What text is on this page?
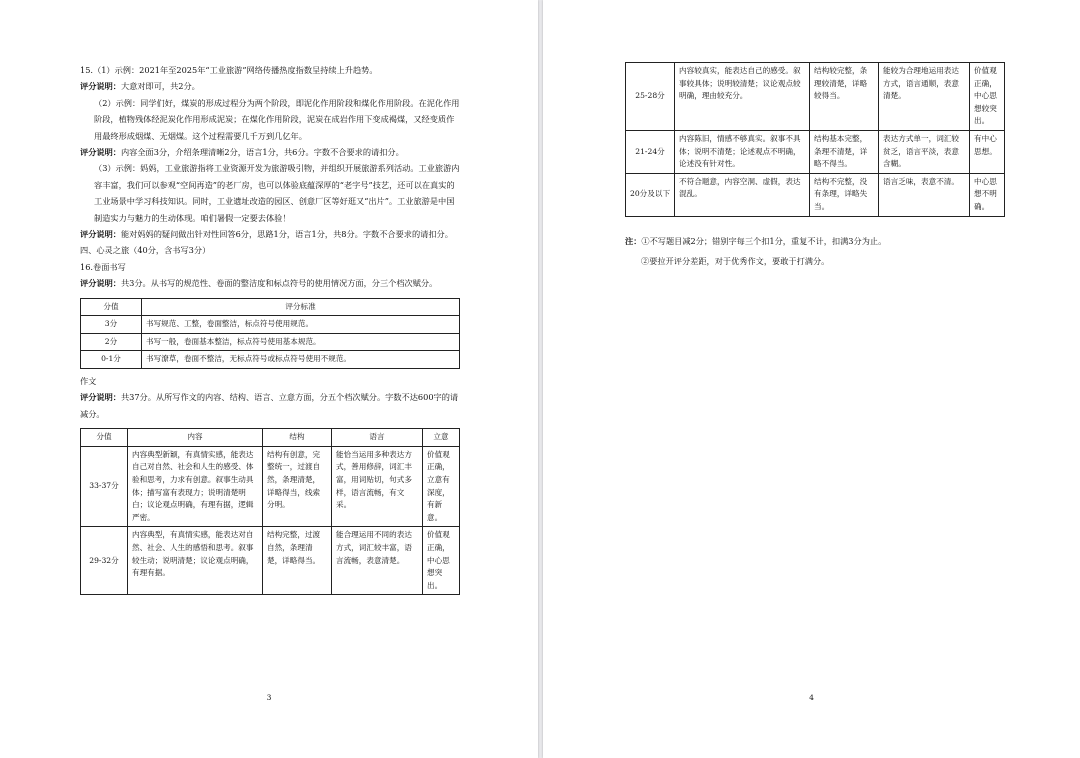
15.（1）示例：2021年至2025年“工业旅游”网络传播热度指数呈持续上升趋势。

评分说明：大意对即可，共2分。

（2）示例：同学们好，煤炭的形成过程分为两个阶段，即泥化作用阶段和煤化作用阶段。在泥化作用阶段，植物残体经泥炭化作用形成泥炭；在煤化作用阶段，泥炭在成岩作用下变成褐煤，又经变质作用最终形成烟煤、无烟煤。这个过程需要几千万到几亿年。

评分说明：内容全面3分，介绍条理清晰2分，语言1分，共6分。字数不合要求的请扣分。

（3）示例：妈妈，工业旅游指将工业资源开发为旅游吸引物，并组织开展旅游系列活动。工业旅游内容丰富，我们可以参观“空间再造”的老厂房，也可以体验底蕴深厚的“老字号”技艺，还可以在真实的工业场景中学习科技知识。同时，工业遗址改造的园区、创意厂区等好逛又“出片”。工业旅游是中国制造实力与魅力的生动体现。咱们暑假一定要去体验！

评分说明：能对妈妈的疑问做出针对性回答6分，思路1分，语言1分，共8分。字数不合要求的请扣分。

四、心灵之旅（40分，含书写3分）

16.卷面书写

评分说明：共3分。从书写的规范性、卷面的整洁度和标点符号的使用情况方面，分三个档次赋分。

分值	评分标准
3分	书写规范、工整，卷面整洁，标点符号使用规范。
2分	书写一般，卷面基本整洁，标点符号使用基本规范。
0-1分	书写潦草，卷面不整洁，无标点符号或标点符号使用不规范。

作文

评分说明：共37分。从所写作文的内容、结构、语言、立意方面，分五个档次赋分。字数不达600字的请减分。

分值	内容	结构	语言	立意
33-37分	内容典型新颖，有真情实感，能表达自己对自然、社会和人生的感受、体验和思考，力求有创意。叙事生动具体；描写富有表现力；说明清楚明白；议论观点明确，有理有据，逻辑严密。	结构有创意，完整统一，过渡自然，条理清楚，详略得当，线索分明。	能恰当运用多种表达方式，善用修辞，词汇丰富，用词贴切，句式多样，语言流畅，有文采。	价值观正确，立意有深度，有新意。
29-32分	内容典型，有真情实感，能表达对自然、社会、人生的感悟和思考。叙事较生动；说明清楚；议论观点明确，有理有据。	结构完整，过渡自然，条理清楚，详略得当。	能合理运用不同的表达方式，词汇较丰富，语言流畅，表意清楚。	价值观正确，中心思想突出。
3
25-28分	内容较真实，能表达自己的感受。叙事较具体；说明较清楚；议论观点较明确，理由较充分。	结构较完整，条理较清楚，详略较得当。	能较为合理地运用表达方式，语言通顺，表意清楚。	价值观正确，中心思想较突出。
21-24分	内容陈旧，情感不够真实。叙事不具体；说明不清楚；论述观点不明确，论述没有针对性。	结构基本完整，条理不清楚，详略不得当。	表达方式单一，词汇较贫乏，语言平淡，表意含糊。	有中心思想。
20分及以下	不符合题意，内容空洞、虚假，表达混乱。	结构不完整，没有条理，详略失当。	语言乏味，表意不清。	中心思想不明确。

注：①不写题目减2分；错别字每三个扣1分，重复不计，扣满3分为止。

②要拉开评分差距，对于优秀作文，要敢于打满分。

4
